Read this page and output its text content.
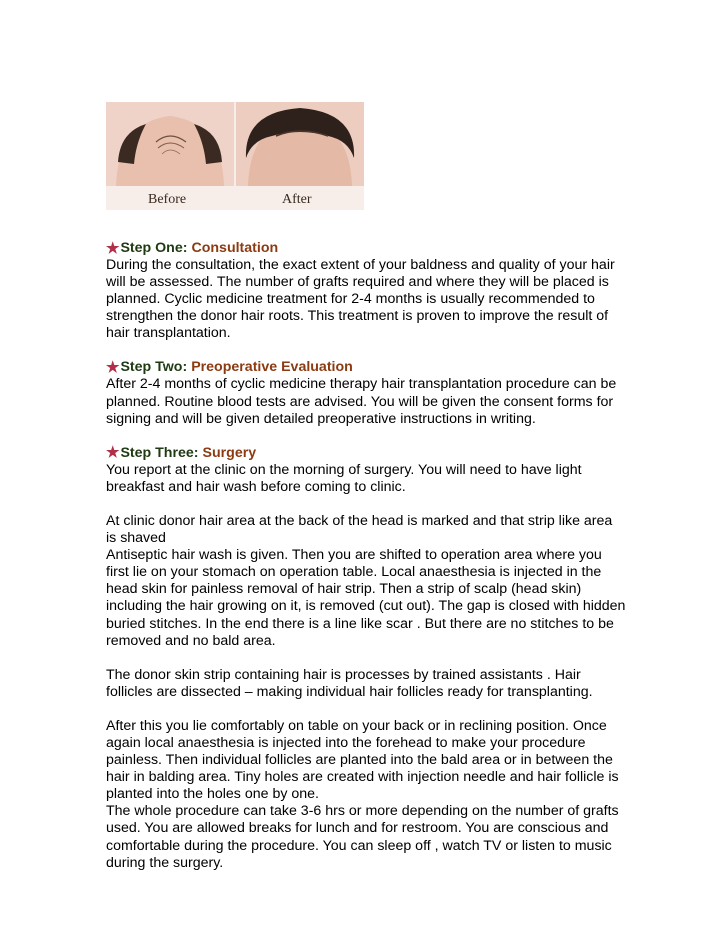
Before	After
★ Step One: Consultation

During the consultation, the exact extent of your baldness and quality of your hair will be assessed. The number of grafts required and where they will be placed is planned. Cyclic medicine treatment for 2-4 months is usually recommended to strengthen the donor hair roots. This treatment is proven to improve the result of hair transplantation.

★ Step Two: Preoperative Evaluation

After 2-4 months of cyclic medicine therapy hair transplantation procedure can be planned. Routine blood tests are advised. You will be given the consent forms for signing and will be given detailed preoperative instructions in writing.

★ Step Three: Surgery

You report at the clinic on the morning of surgery. You will need to have light breakfast and hair wash before coming to clinic.

At clinic donor hair area at the back of the head is marked and that strip like area is shaved

Antiseptic hair wash is given. Then you are shifted to operation area where you first lie on your stomach on operation table. Local anaesthesia is injected in the head skin for painless removal of hair strip. Then a strip of scalp (head skin) including the hair growing on it, is removed (cut out). The gap is closed with hidden buried stitches. In the end there is a line like scar . But there are no stitches to be removed and no bald area.

The donor skin strip containing hair is processes by trained assistants . Hair follicles are dissected – making individual hair follicles ready for transplanting.

After this you lie comfortably on table on your back or in reclining position. Once again local anaesthesia is injected into the forehead to make your procedure painless. Then individual follicles are planted into the bald area or in between the hair in balding area. Tiny holes are created with injection needle and hair follicle is planted into the holes one by one.

The whole procedure can take 3-6 hrs or more depending on the number of grafts used. You are allowed breaks for lunch and for restroom. You are conscious and comfortable during the procedure. You can sleep off , watch TV or listen to music during the surgery.
